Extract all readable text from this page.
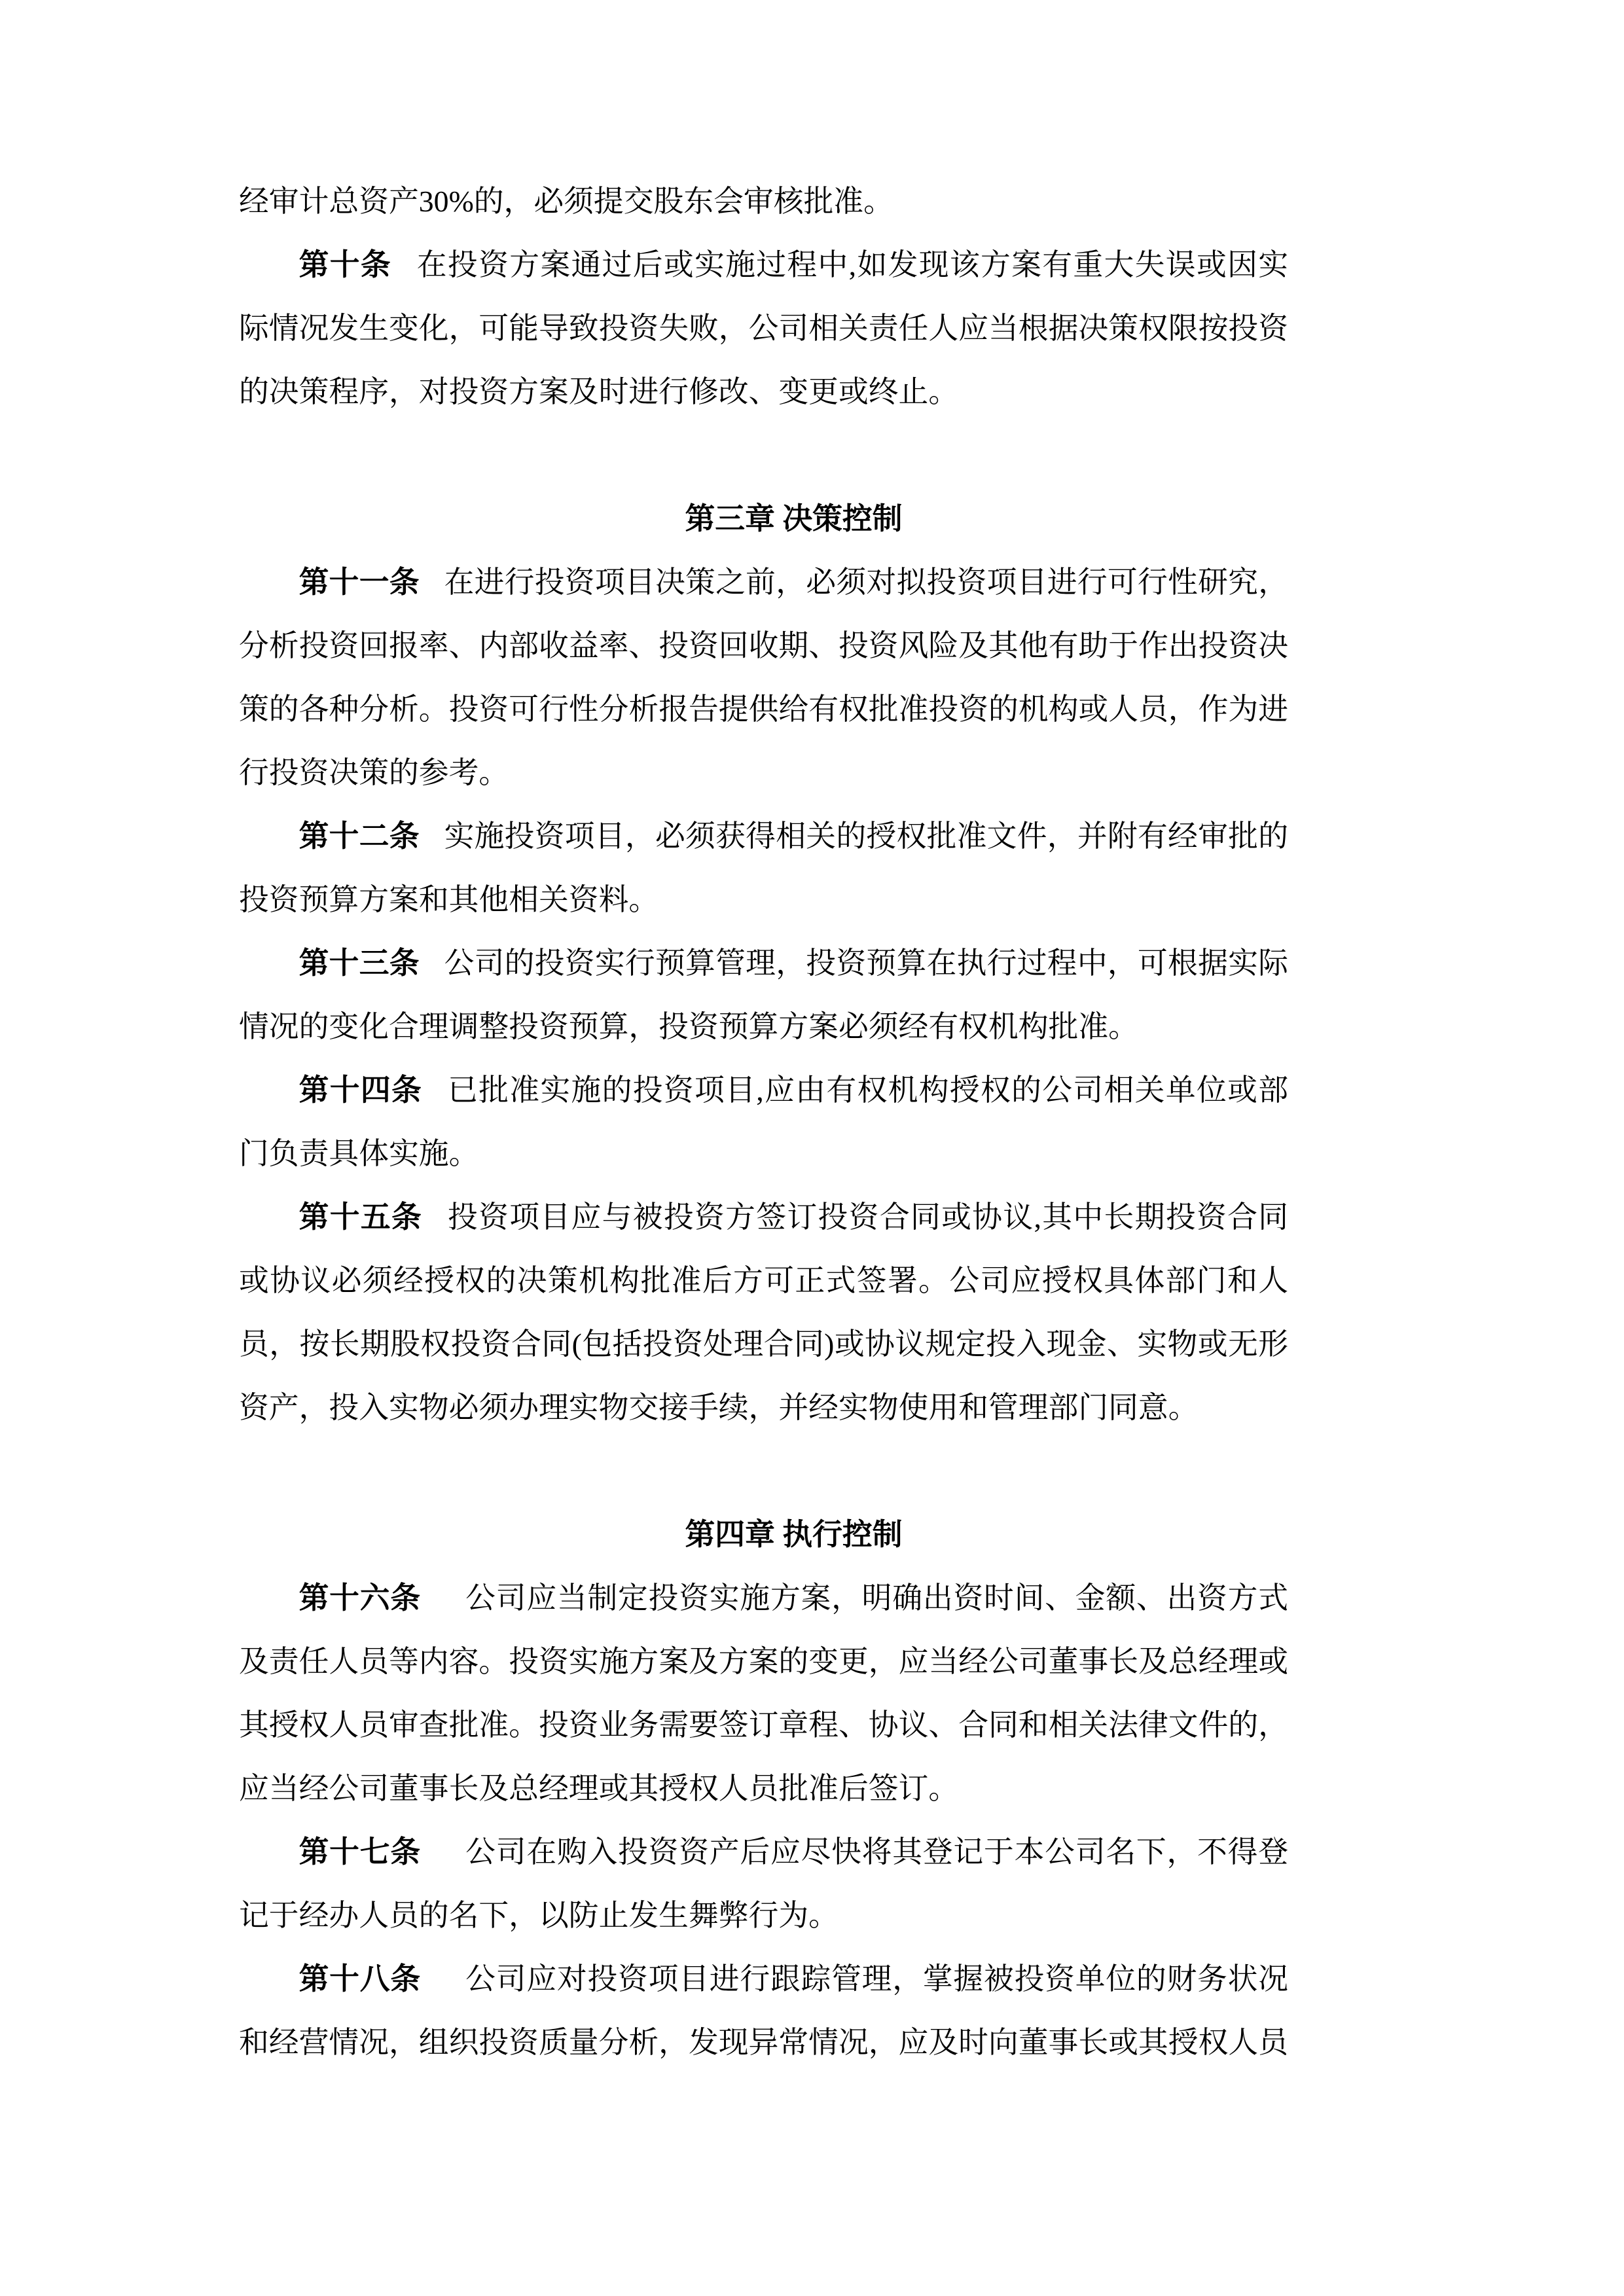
经审计总资产30%的，必须提交股东会审核批准。

第十条 在投资方案通过后或实施过程中,如发现该方案有重大失误或因实际情况发生变化，可能导致投资失败，公司相关责任人应当根据决策权限按投资的决策程序，对投资方案及时进行修改、变更或终止。

第三章 决策控制

第十一条 在进行投资项目决策之前，必须对拟投资项目进行可行性研究，分析投资回报率、内部收益率、投资回收期、投资风险及其他有助于作出投资决策的各种分析。投资可行性分析报告提供给有权批准投资的机构或人员，作为进行投资决策的参考。

第十二条 实施投资项目，必须获得相关的授权批准文件，并附有经审批的投资预算方案和其他相关资料。

第十三条 公司的投资实行预算管理，投资预算在执行过程中，可根据实际情况的变化合理调整投资预算，投资预算方案必须经有权机构批准。

第十四条 已批准实施的投资项目,应由有权机构授权的公司相关单位或部门负责具体实施。

第十五条 投资项目应与被投资方签订投资合同或协议,其中长期投资合同或协议必须经授权的决策机构批准后方可正式签署。公司应授权具体部门和人员，按长期股权投资合同(包括投资处理合同)或协议规定投入现金、实物或无形资产，投入实物必须办理实物交接手续，并经实物使用和管理部门同意。

第四章 执行控制

第十六条 公司应当制定投资实施方案，明确出资时间、金额、出资方式及责任人员等内容。投资实施方案及方案的变更，应当经公司董事长及总经理或其授权人员审查批准。投资业务需要签订章程、协议、合同和相关法律文件的，应当经公司董事长及总经理或其授权人员批准后签订。

第十七条 公司在购入投资资产后应尽快将其登记于本公司名下，不得登记于经办人员的名下，以防止发生舞弊行为。

第十八条 公司应对投资项目进行跟踪管理，掌握被投资单位的财务状况和经营情况，组织投资质量分析，发现异常情况，应及时向董事长或其授权人员
